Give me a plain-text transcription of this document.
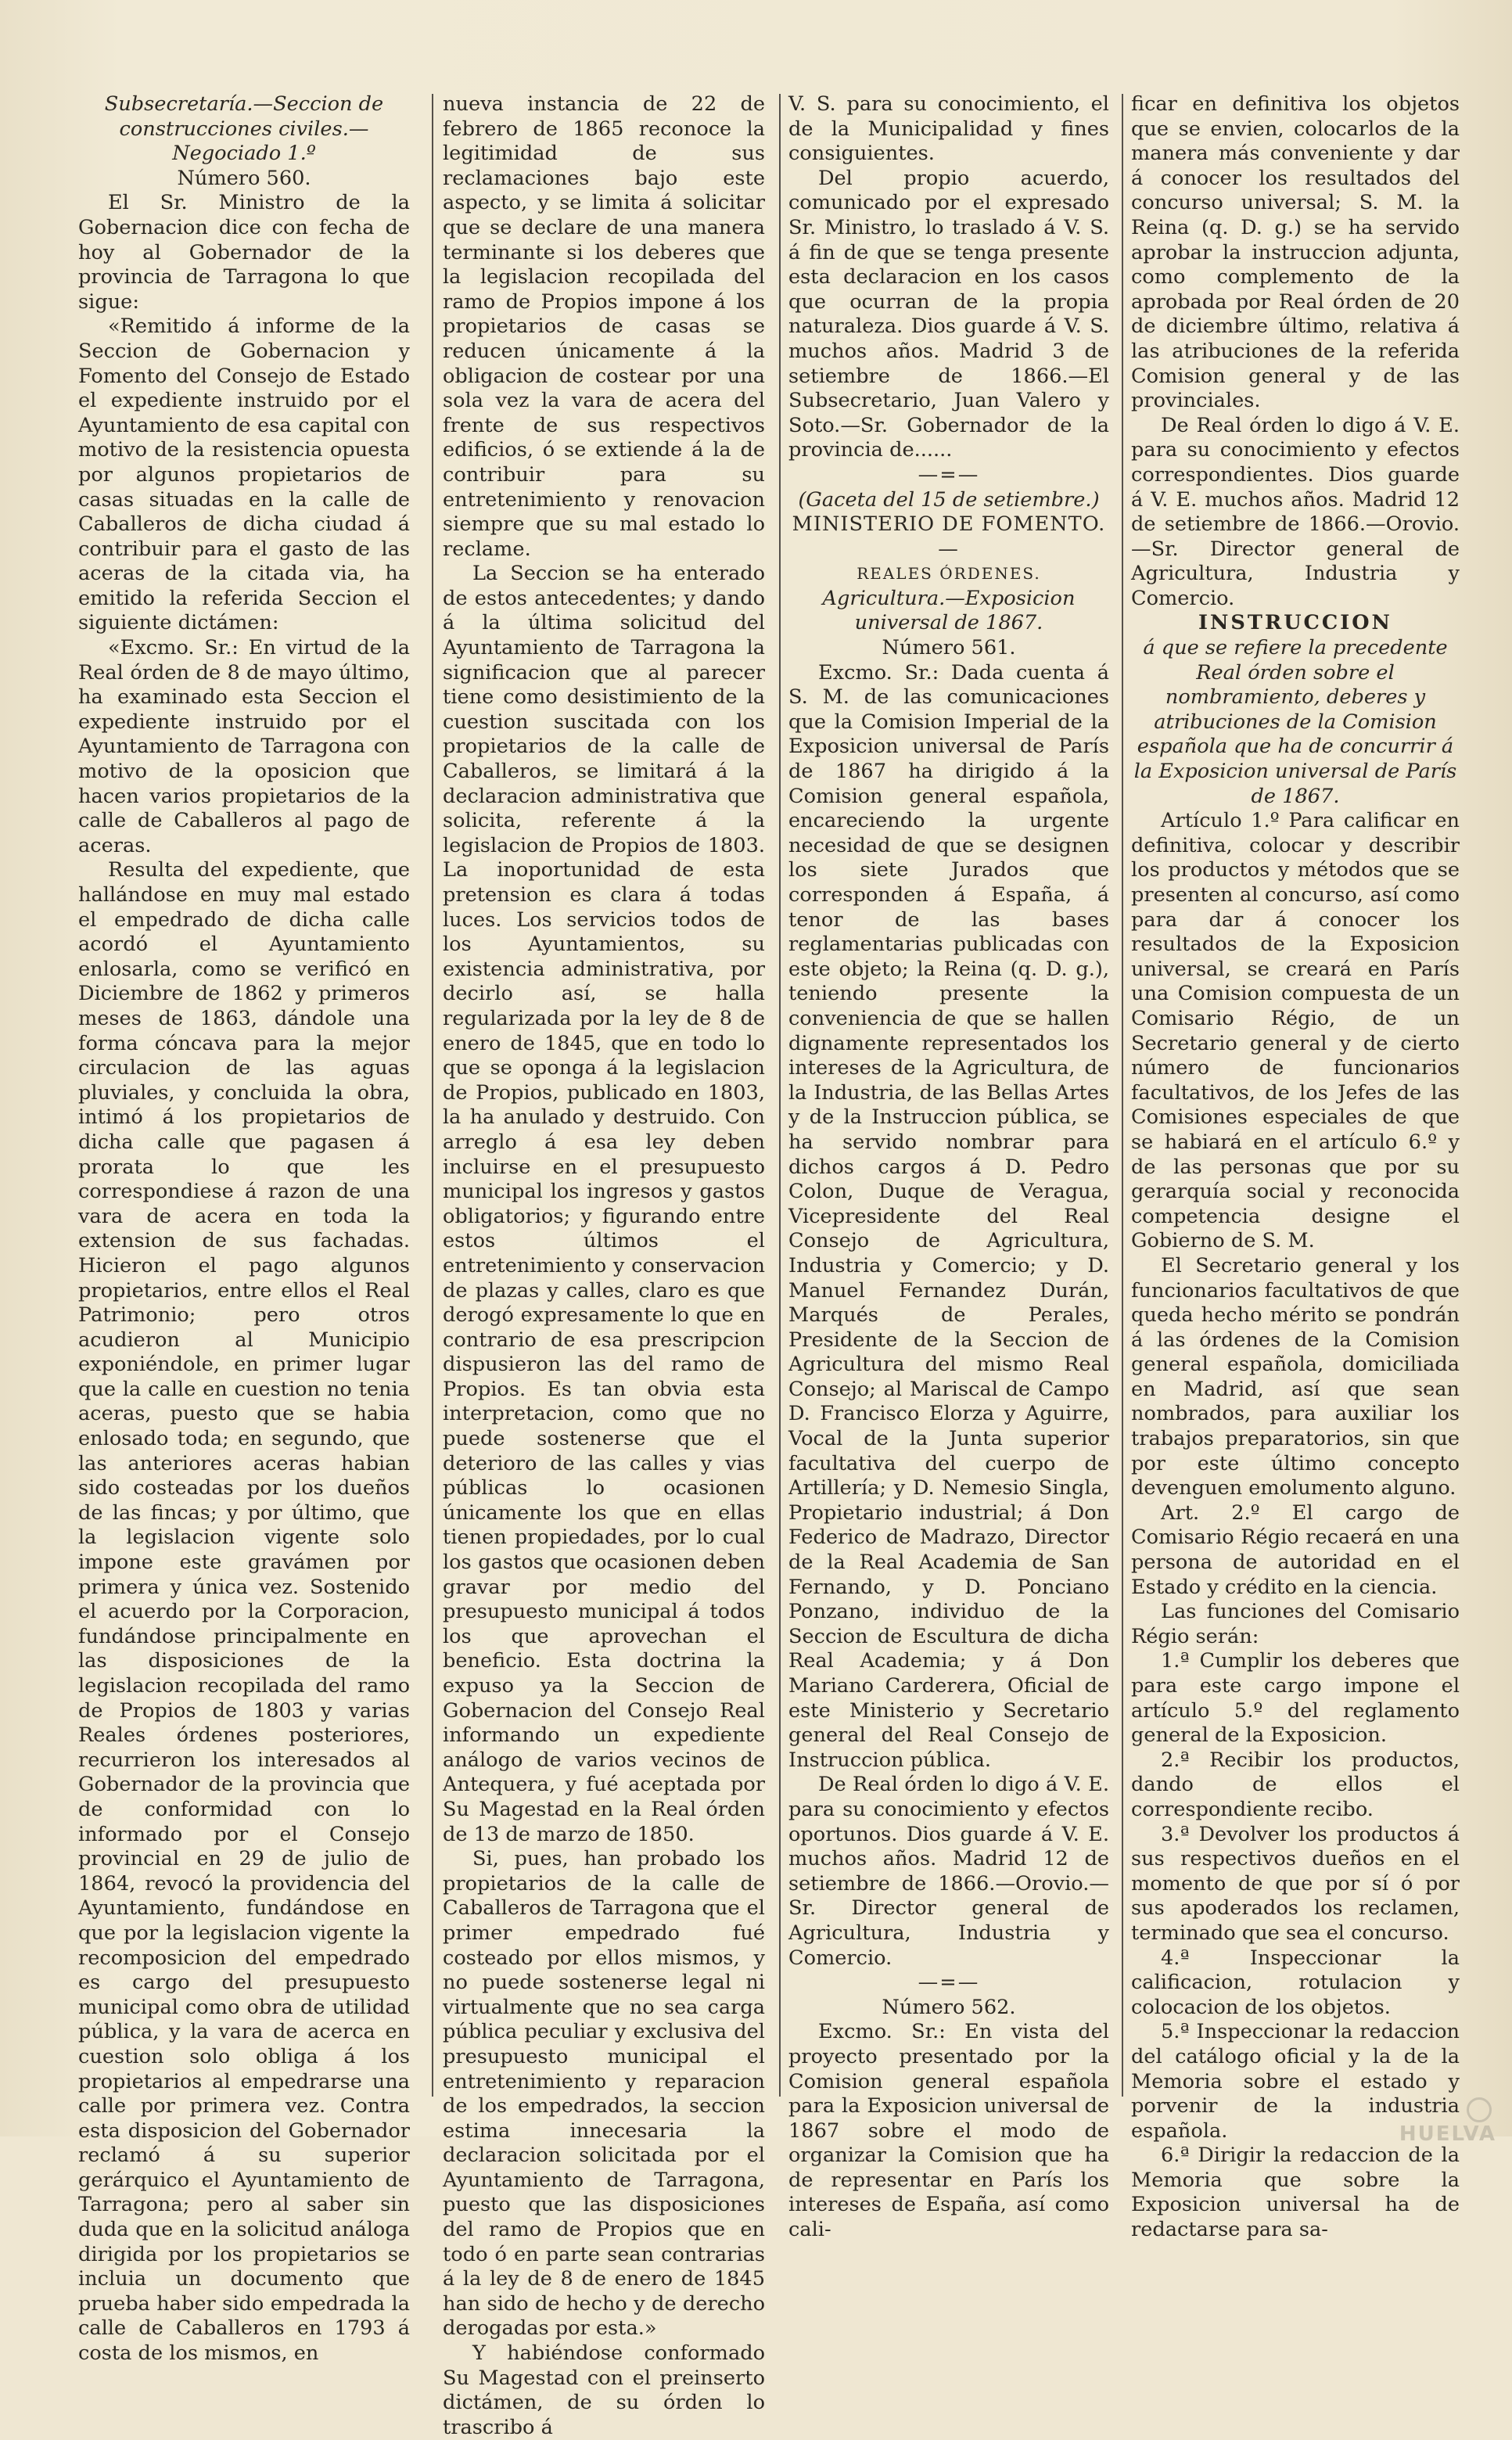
Subsecretaría.—Seccion de construcciones civiles.—Negociado 1.º

Número 560.

El Sr. Ministro de la Gobernacion dice con fecha de hoy al Gobernador de la provincia de Tarragona lo que sigue:

«Remitido á informe de la Seccion de Gobernacion y Fomento del Consejo de Estado el expediente instruido por el Ayuntamiento de esa capital con motivo de la resistencia opuesta por algunos propietarios de casas situadas en la calle de Caballeros de dicha ciudad á contribuir para el gasto de las aceras de la citada via, ha emitido la referida Seccion el siguiente dictámen:

«Excmo. Sr.: En virtud de la Real órden de 8 de mayo último, ha examinado esta Seccion el expediente instruido por el Ayuntamiento de Tarragona con motivo de la oposicion que hacen varios propietarios de la calle de Caballeros al pago de aceras.

Resulta del expediente, que hallándose en muy mal estado el empedrado de dicha calle acordó el Ayuntamiento enlosarla, como se verificó en Diciembre de 1862 y primeros meses de 1863, dándole una forma cóncava para la mejor circulacion de las aguas pluviales, y concluida la obra, intimó á los propietarios de dicha calle que pagasen á prorata lo que les correspondiese á razon de una vara de acera en toda la extension de sus fachadas. Hicieron el pago algunos propietarios, entre ellos el Real Patrimonio; pero otros acudieron al Municipio exponiéndole, en primer lugar que la calle en cuestion no tenia aceras, puesto que se habia enlosado toda; en segundo, que las anteriores aceras habian sido costeadas por los dueños de las fincas; y por último, que la legislacion vigente solo impone este gravámen por primera y única vez. Sostenido el acuerdo por la Corporacion, fundándose principalmente en las disposiciones de la legislacion recopilada del ramo de Propios de 1803 y varias Reales órdenes posteriores, recurrieron los interesados al Gobernador de la provincia que de conformidad con lo informado por el Consejo provincial en 29 de julio de 1864, revocó la providencia del Ayuntamiento, fundándose en que por la legislacion vigente la recomposicion del empedrado es cargo del presupuesto municipal como obra de utilidad pública, y la vara de acerca en cuestion solo obliga á los propietarios al empedrarse una calle por primera vez. Contra esta disposicion del Gobernador reclamó á su superior gerárquico el Ayuntamiento de Tarragona; pero al saber sin duda que en la solicitud análoga dirigida por los propietarios se incluia un documento que prueba haber sido empedrada la calle de Caballeros en 1793 á costa de los mismos, en

nueva instancia de 22 de febrero de 1865 reconoce la legitimidad de sus reclamaciones bajo este aspecto, y se limita á solicitar que se declare de una manera terminante si los deberes que la legislacion recopilada del ramo de Propios impone á los propietarios de casas se reducen únicamente á la obligacion de costear por una sola vez la vara de acera del frente de sus respectivos edificios, ó se extiende á la de contribuir para su entretenimiento y renovacion siempre que su mal estado lo reclame.

La Seccion se ha enterado de estos antecedentes; y dando á la última solicitud del Ayuntamiento de Tarragona la significacion que al parecer tiene como desistimiento de la cuestion suscitada con los propietarios de la calle de Caballeros, se limitará á la declaracion administrativa que solicita, referente á la legislacion de Propios de 1803. La inoportunidad de esta pretension es clara á todas luces. Los servicios todos de los Ayuntamientos, su existencia administrativa, por decirlo así, se halla regularizada por la ley de 8 de enero de 1845, que en todo lo que se oponga á la legislacion de Propios, publicado en 1803, la ha anulado y destruido. Con arreglo á esa ley deben incluirse en el presupuesto municipal los ingresos y gastos obligatorios; y figurando entre estos últimos el entretenimiento y conservacion de plazas y calles, claro es que derogó expresamente lo que en contrario de esa prescripcion dispusieron las del ramo de Propios. Es tan obvia esta interpretacion, como que no puede sostenerse que el deterioro de las calles y vias públicas lo ocasionen únicamente los que en ellas tienen propiedades, por lo cual los gastos que ocasionen deben gravar por medio del presupuesto municipal á todos los que aprovechan el beneficio. Esta doctrina la expuso ya la Seccion de Gobernacion del Consejo Real informando un expediente análogo de varios vecinos de Antequera, y fué aceptada por Su Magestad en la Real órden de 13 de marzo de 1850.

Si, pues, han probado los propietarios de la calle de Caballeros de Tarragona que el primer empedrado fué costeado por ellos mismos, y no puede sostenerse legal ni virtualmente que no sea carga pública peculiar y exclusiva del presupuesto municipal el entretenimiento y reparacion de los empedrados, la seccion estima innecesaria la declaracion solicitada por el Ayuntamiento de Tarragona, puesto que las disposiciones del ramo de Propios que en todo ó en parte sean contrarias á la ley de 8 de enero de 1845 han sido de hecho y de derecho derogadas por esta.»

Y habiéndose conformado Su Magestad con el preinserto dictámen, de su órden lo trascribo á

V. S. para su conocimiento, el de la Municipalidad y fines consiguientes.

Del propio acuerdo, comunicado por el expresado Sr. Ministro, lo traslado á V. S. á fin de que se tenga presente esta declaracion en los casos que ocurran de la propia naturaleza. Dios guarde á V. S. muchos años. Madrid 3 de setiembre de 1866.—El Subsecretario, Juan Valero y Soto.—Sr. Gobernador de la provincia de......

—=—

(Gaceta del 15 de setiembre.)

MINISTERIO DE FOMENTO.

—

REALES ÓRDENES.

Agricultura.—Exposicion universal de 1867.

Número 561.

Excmo. Sr.: Dada cuenta á S. M. de las comunicaciones que la Comision Imperial de la Exposicion universal de París de 1867 ha dirigido á la Comision general española, encareciendo la urgente necesidad de que se designen los siete Jurados que corresponden á España, á tenor de las bases reglamentarias publicadas con este objeto; la Reina (q. D. g.), teniendo presente la conveniencia de que se hallen dignamente representados los intereses de la Agricultura, de la Industria, de las Bellas Artes y de la Instruccion pública, se ha servido nombrar para dichos cargos á D. Pedro Colon, Duque de Veragua, Vicepresidente del Real Consejo de Agricultura, Industria y Comercio; y D. Manuel Fernandez Durán, Marqués de Perales, Presidente de la Seccion de Agricultura del mismo Real Consejo; al Mariscal de Campo D. Francisco Elorza y Aguirre, Vocal de la Junta superior facultativa del cuerpo de Artillería; y D. Nemesio Singla, Propietario industrial; á Don Federico de Madrazo, Director de la Real Academia de San Fernando, y D. Ponciano Ponzano, individuo de la Seccion de Escultura de dicha Real Academia; y á Don Mariano Carderera, Oficial de este Ministerio y Secretario general del Real Consejo de Instruccion pública.

De Real órden lo digo á V. E. para su conocimiento y efectos oportunos. Dios guarde á V. E. muchos años. Madrid 12 de setiembre de 1866.—Orovio.—Sr. Director general de Agricultura, Industria y Comercio.

—=—

Número 562.

Excmo. Sr.: En vista del proyecto presentado por la Comision general española para la Exposicion universal de 1867 sobre el modo de organizar la Comision que ha de representar en París los intereses de España, así como cali-

ficar en definitiva los objetos que se envien, colocarlos de la manera más conveniente y dar á conocer los resultados del concurso universal; S. M. la Reina (q. D. g.) se ha servido aprobar la instruccion adjunta, como complemento de la aprobada por Real órden de 20 de diciembre último, relativa á las atribuciones de la referida Comision general y de las provinciales.

De Real órden lo digo á V. E. para su conocimiento y efectos correspondientes. Dios guarde á V. E. muchos años. Madrid 12 de setiembre de 1866.—Orovio.—Sr. Director general de Agricultura, Industria y Comercio.

INSTRUCCION

á que se refiere la precedente Real órden sobre el nombramiento, deberes y atribuciones de la Comision española que ha de concurrir á la Exposicion universal de París de 1867.

Artículo 1.º Para calificar en definitiva, colocar y describir los productos y métodos que se presenten al concurso, así como para dar á conocer los resultados de la Exposicion universal, se creará en París una Comision compuesta de un Comisario Régio, de un Secretario general y de cierto número de funcionarios facultativos, de los Jefes de las Comisiones especiales de que se habiará en el artículo 6.º y de las personas que por su gerarquía social y reconocida competencia designe el Gobierno de S. M.

El Secretario general y los funcionarios facultativos de que queda hecho mérito se pondrán á las órdenes de la Comision general española, domiciliada en Madrid, así que sean nombrados, para auxiliar los trabajos preparatorios, sin que por este último concepto devenguen emolumento alguno.

Art. 2.º El cargo de Comisario Régio recaerá en una persona de autoridad en el Estado y crédito en la ciencia.

Las funciones del Comisario Régio serán:

1.ª Cumplir los deberes que para este cargo impone el artículo 5.º del reglamento general de la Exposicion.

2.ª Recibir los productos, dando de ellos el correspondiente recibo.

3.ª Devolver los productos á sus respectivos dueños en el momento de que por sí ó por sus apoderados los reclamen, terminado que sea el concurso.

4.ª Inspeccionar la calificacion, rotulacion y colocacion de los objetos.

5.ª Inspeccionar la redaccion del catálogo oficial y la de la Memoria sobre el estado y porvenir de la industria española.

6.ª Dirigir la redaccion de la Memoria que sobre la Exposicion universal ha de redactarse para sa-

HUELVA
